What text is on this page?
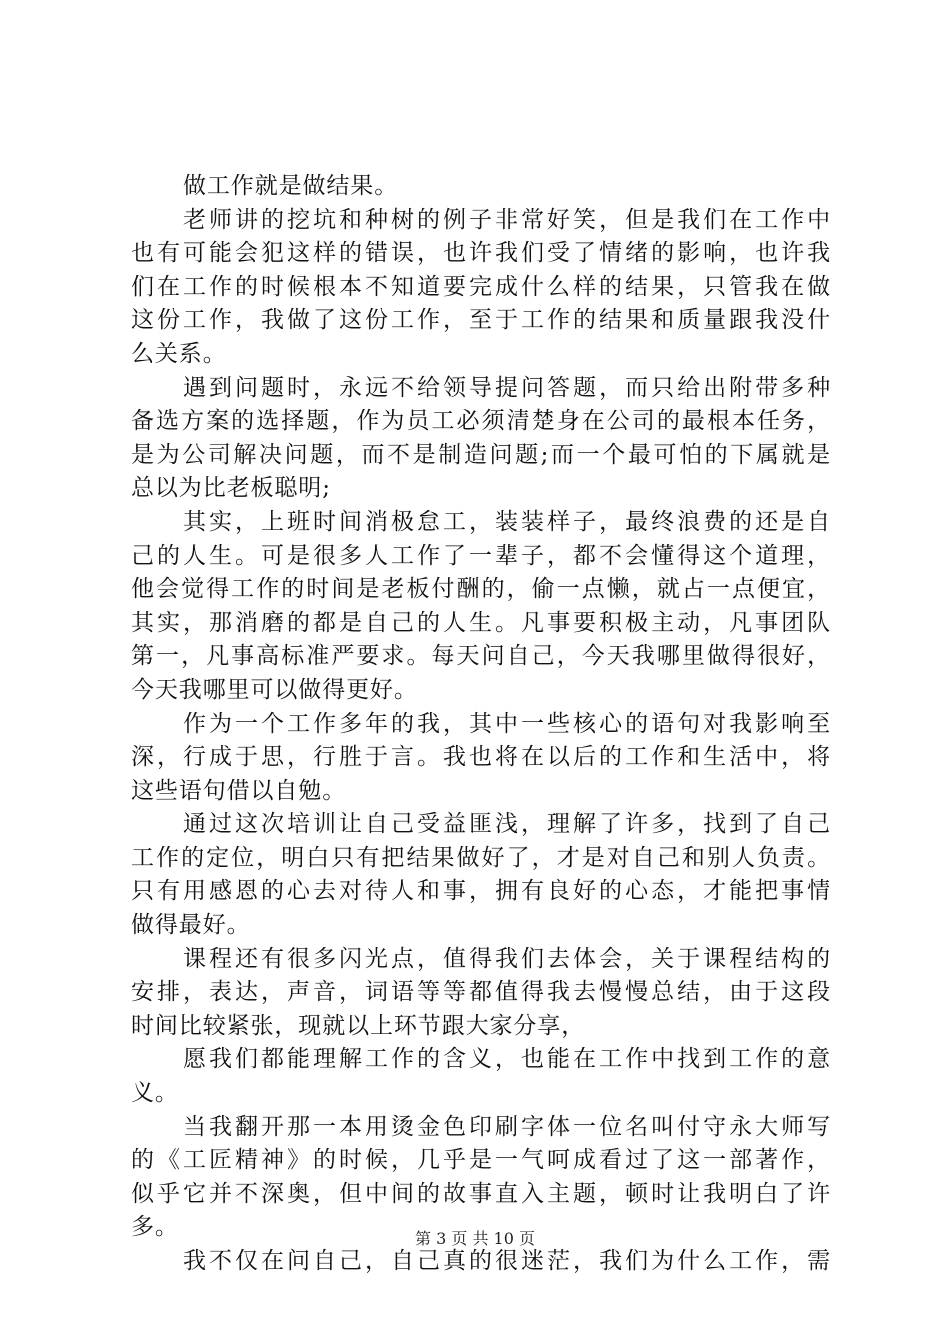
做工作就是做结果。
老师讲的挖坑和种树的例子非常好笑，但是我们在工作中
也有可能会犯这样的错误，也许我们受了情绪的影响，也许我
们在工作的时候根本不知道要完成什么样的结果，只管我在做
这份工作，我做了这份工作，至于工作的结果和质量跟我没什
么关系。
遇到问题时，永远不给领导提问答题，而只给出附带多种
备选方案的选择题，作为员工必须清楚身在公司的最根本任务，
是为公司解决问题，而不是制造问题;而一个最可怕的下属就是
总以为比老板聪明;
其实，上班时间消极怠工，装装样子，最终浪费的还是自
己的人生。可是很多人工作了一辈子，都不会懂得这个道理，
他会觉得工作的时间是老板付酬的，偷一点懒，就占一点便宜，
其实，那消磨的都是自己的人生。凡事要积极主动，凡事团队
第一，凡事高标准严要求。每天问自己，今天我哪里做得很好，
今天我哪里可以做得更好。
作为一个工作多年的我，其中一些核心的语句对我影响至
深，行成于思，行胜于言。我也将在以后的工作和生活中，将
这些语句借以自勉。
通过这次培训让自己受益匪浅，理解了许多，找到了自己
工作的定位，明白只有把结果做好了，才是对自己和别人负责。
只有用感恩的心去对待人和事，拥有良好的心态，才能把事情
做得最好。
课程还有很多闪光点，值得我们去体会，关于课程结构的
安排，表达，声音，词语等等都值得我去慢慢总结，由于这段
时间比较紧张，现就以上环节跟大家分享，
愿我们都能理解工作的含义，也能在工作中找到工作的意
义。
当我翻开那一本用烫金色印刷字体一位名叫付守永大师写
的《工匠精神》的时候，几乎是一气呵成看过了这一部著作，
似乎它并不深奥，但中间的故事直入主题，顿时让我明白了许
多。
我不仅在问自己，自己真的很迷茫，我们为什么工作，需
第 3 页 共 10 页
